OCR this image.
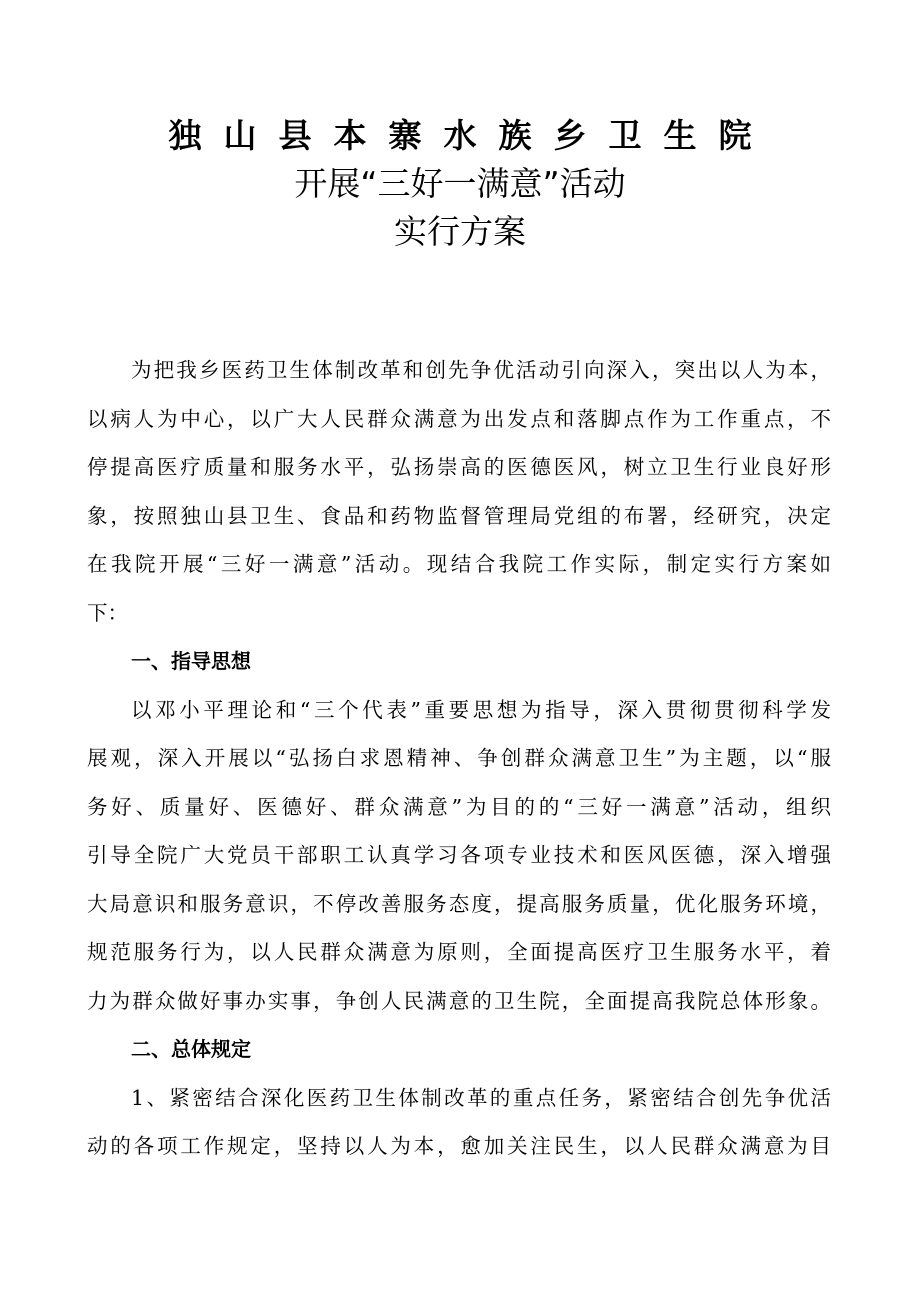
独山县本寨水族乡卫生院
开展“三好一满意”活动
实行方案
为把我乡医药卫生体制改革和创先争优活动引向深入，突出以人为本，
以病人为中心，以广大人民群众满意为出发点和落脚点作为工作重点，不
停提高医疗质量和服务水平，弘扬崇高的医德医风，树立卫生行业良好形
象，按照独山县卫生、食品和药物监督管理局党组的布署，经研究，决定
在我院开展“三好一满意”活动。现结合我院工作实际，制定实行方案如
下：
一、指导思想
以邓小平理论和“三个代表”重要思想为指导，深入贯彻贯彻科学发
展观，深入开展以“弘扬白求恩精神、争创群众满意卫生”为主题，以“服
务好、质量好、医德好、群众满意”为目的的“三好一满意”活动，组织
引导全院广大党员干部职工认真学习各项专业技术和医风医德，深入增强
大局意识和服务意识，不停改善服务态度，提高服务质量，优化服务环境，
规范服务行为，以人民群众满意为原则，全面提高医疗卫生服务水平，着
力为群众做好事办实事，争创人民满意的卫生院，全面提高我院总体形象。
二、总体规定
1、紧密结合深化医药卫生体制改革的重点任务，紧密结合创先争优活
动的各项工作规定，坚持以人为本，愈加关注民生，以人民群众满意为目
